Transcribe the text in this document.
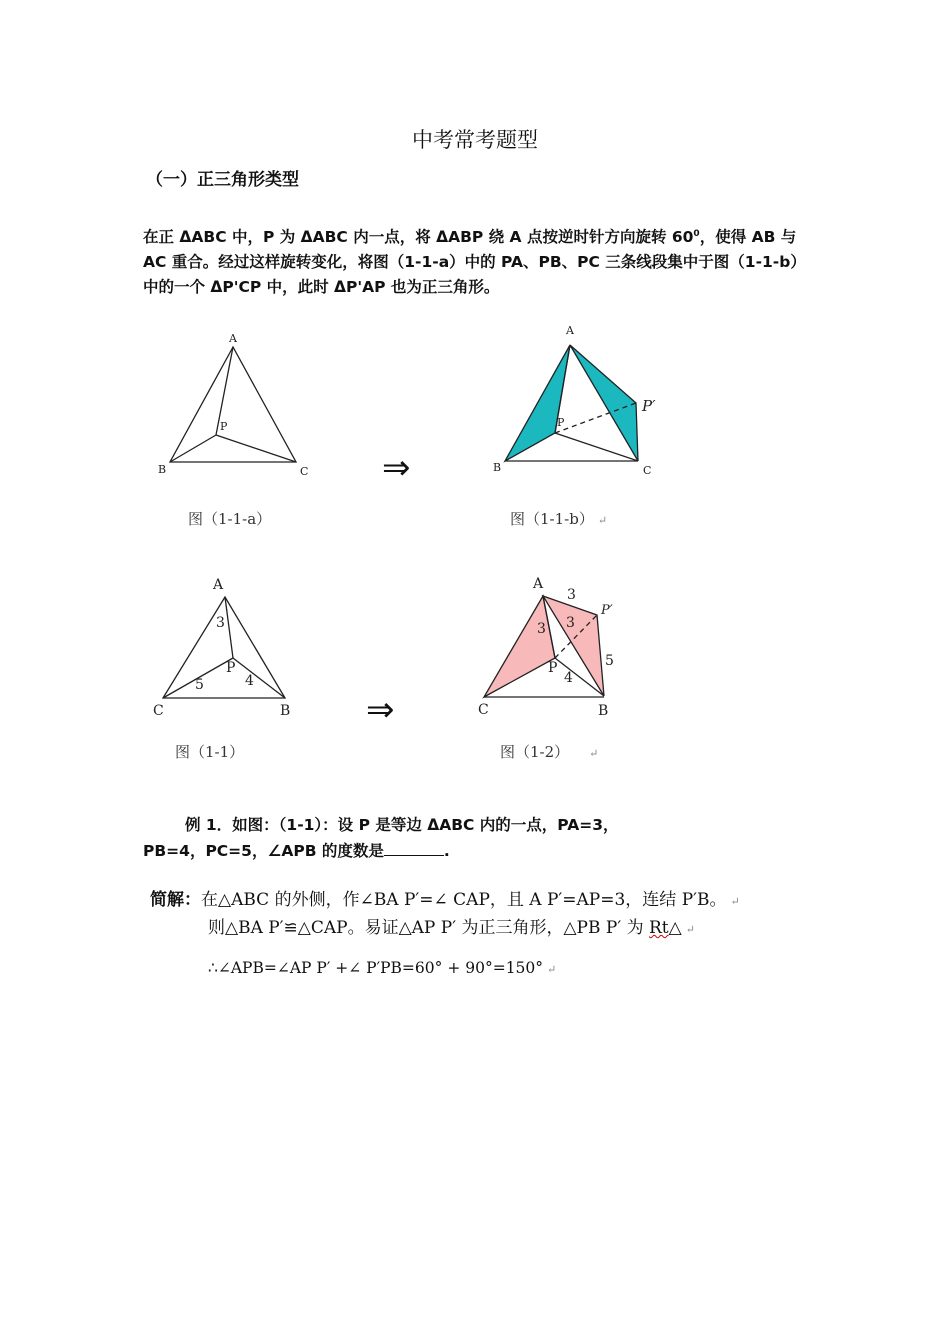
中考常考题型
（一）正三角形类型
在正 ΔABC 中，P 为 ΔABC 内一点，将 ΔABP 绕 A 点按逆时针方向旋转 $60^0$，使得 AB 与 AC 重合。经过这样旋转变化，将图（1-1-a）中的 PA、PB、PC 三条线段集中于图（1-1-b）中的一个 ΔP'CP 中，此时 ΔP'AP 也为正三角形。
A
B	C
P
⇒
A
B	C
P
P′
图（1-1-a）	图（1-1-b） ↵
A
C	B
P
3
4
5
⇒
A
C	B
P
P′
3
3 3
4
5
图（1-1）	图（1-2） ↵
例 1．如图：（1-1）：设 P 是等边 ΔABC 内的一点，PA=3，
PB=4，PC=5，∠APB 的度数是	.
简解：在△ABC 的外侧，作∠BA P′=∠ CAP，且 A P′=AP=3，连结 P′B。 ↵
则△BA P′≌△CAP。易证△AP P′ 为正三角形，△PB P′ 为 Rt△ ↵
∴∠APB=∠AP P′ +∠ P′PB=60° + 90°=150° ↵
